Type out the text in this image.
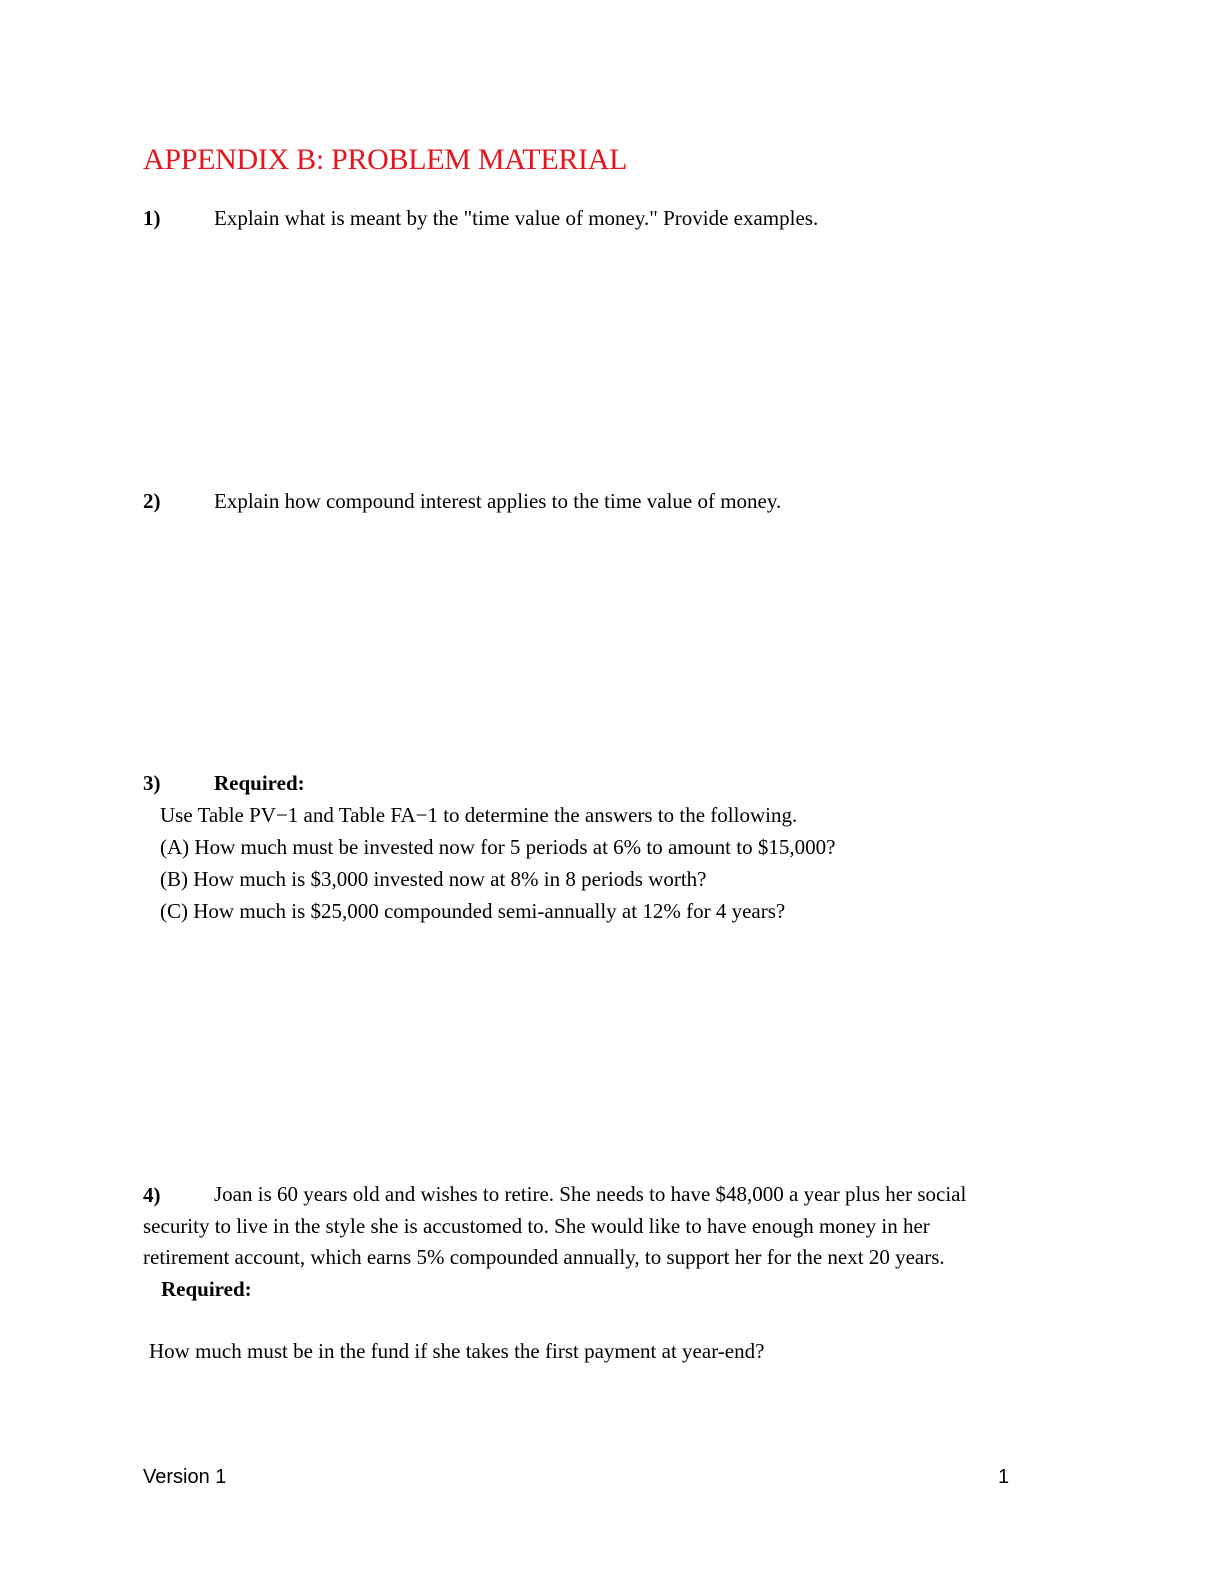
APPENDIX B: PROBLEM MATERIAL
1)	Explain what is meant by the "time value of money." Provide examples.
2)	Explain how compound interest applies to the time value of money.
3)	Required:
Use Table PV−1 and Table FA−1 to determine the answers to the following.
(A) How much must be invested now for 5 periods at 6% to amount to $15,000?
(B) How much is $3,000 invested now at 8% in 8 periods worth?
(C) How much is $25,000 compounded semi-annually at 12% for 4 years?
4)	Joan is 60 years old and wishes to retire. She needs to have $48,000 a year plus her social
security to live in the style she is accustomed to. She would like to have enough money in her
retirement account, which earns 5% compounded annually, to support her for the next 20 years.
Required:
How much must be in the fund if she takes the first payment at year-end?
Version 1	1
